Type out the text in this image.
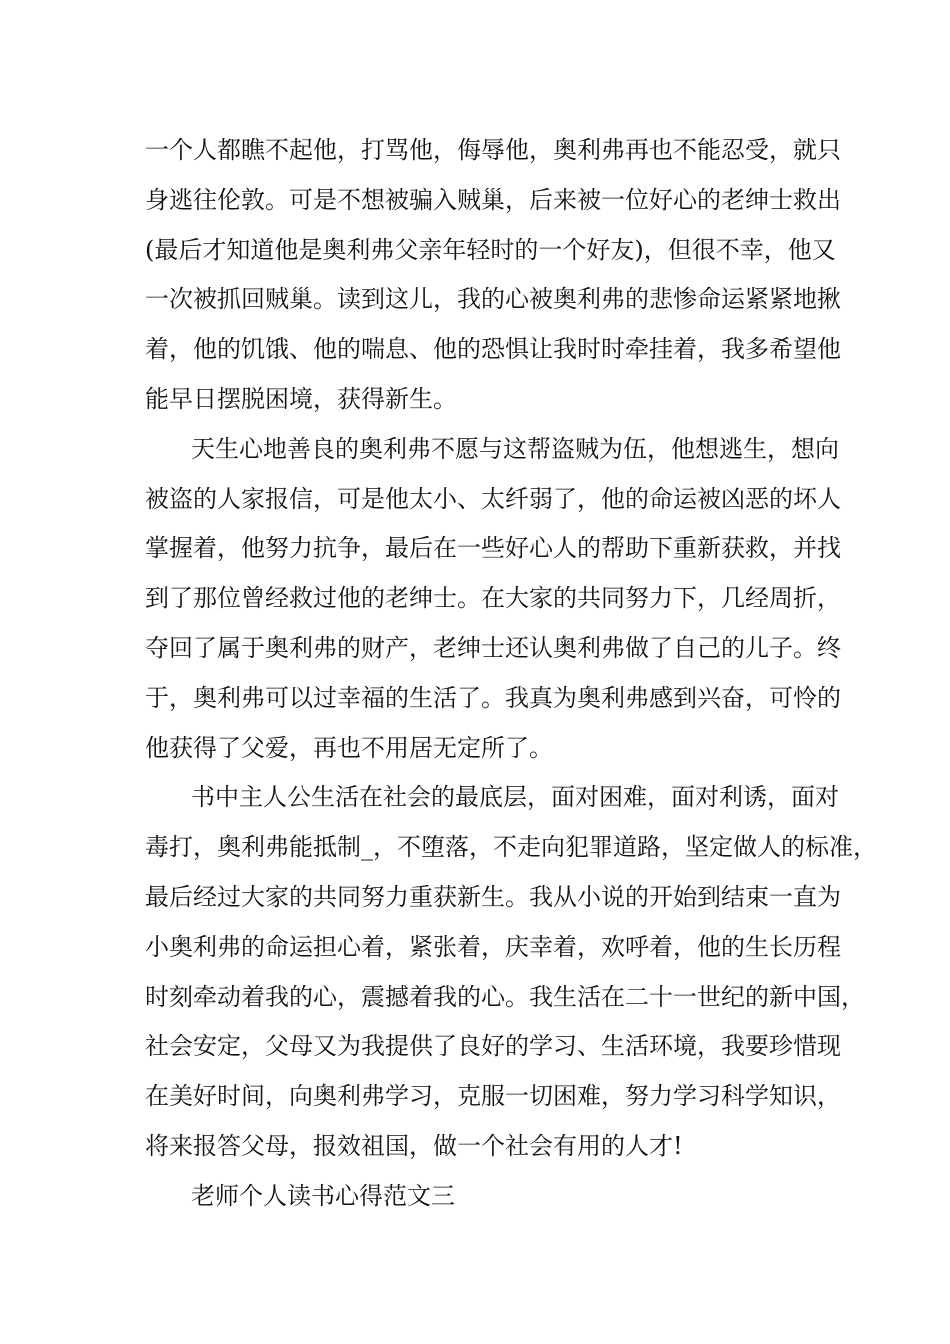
一个人都瞧不起他，打骂他，侮辱他，奥利弗再也不能忍受，就只
身逃往伦敦。可是不想被骗入贼巢，后来被一位好心的老绅士救出
(最后才知道他是奥利弗父亲年轻时的一个好友)，但很不幸，他又
一次被抓回贼巢。读到这儿，我的心被奥利弗的悲惨命运紧紧地揪
着，他的饥饿、他的喘息、他的恐惧让我时时牵挂着，我多希望他
能早日摆脱困境，获得新生。
天生心地善良的奥利弗不愿与这帮盗贼为伍，他想逃生，想向
被盗的人家报信，可是他太小、太纤弱了，他的命运被凶恶的坏人
掌握着，他努力抗争，最后在一些好心人的帮助下重新获救，并找
到了那位曾经救过他的老绅士。在大家的共同努力下，几经周折，
夺回了属于奥利弗的财产，老绅士还认奥利弗做了自己的儿子。终
于，奥利弗可以过幸福的生活了。我真为奥利弗感到兴奋，可怜的
他获得了父爱，再也不用居无定所了。
书中主人公生活在社会的最底层，面对困难，面对利诱，面对
毒打，奥利弗能抵制_，不堕落，不走向犯罪道路，坚定做人的标准，
最后经过大家的共同努力重获新生。我从小说的开始到结束一直为
小奥利弗的命运担心着，紧张着，庆幸着，欢呼着，他的生长历程
时刻牵动着我的心，震撼着我的心。我生活在二十一世纪的新中国，
社会安定，父母又为我提供了良好的学习、生活环境，我要珍惜现
在美好时间，向奥利弗学习，克服一切困难，努力学习科学知识，
将来报答父母，报效祖国，做一个社会有用的人才!
老师个人读书心得范文三
